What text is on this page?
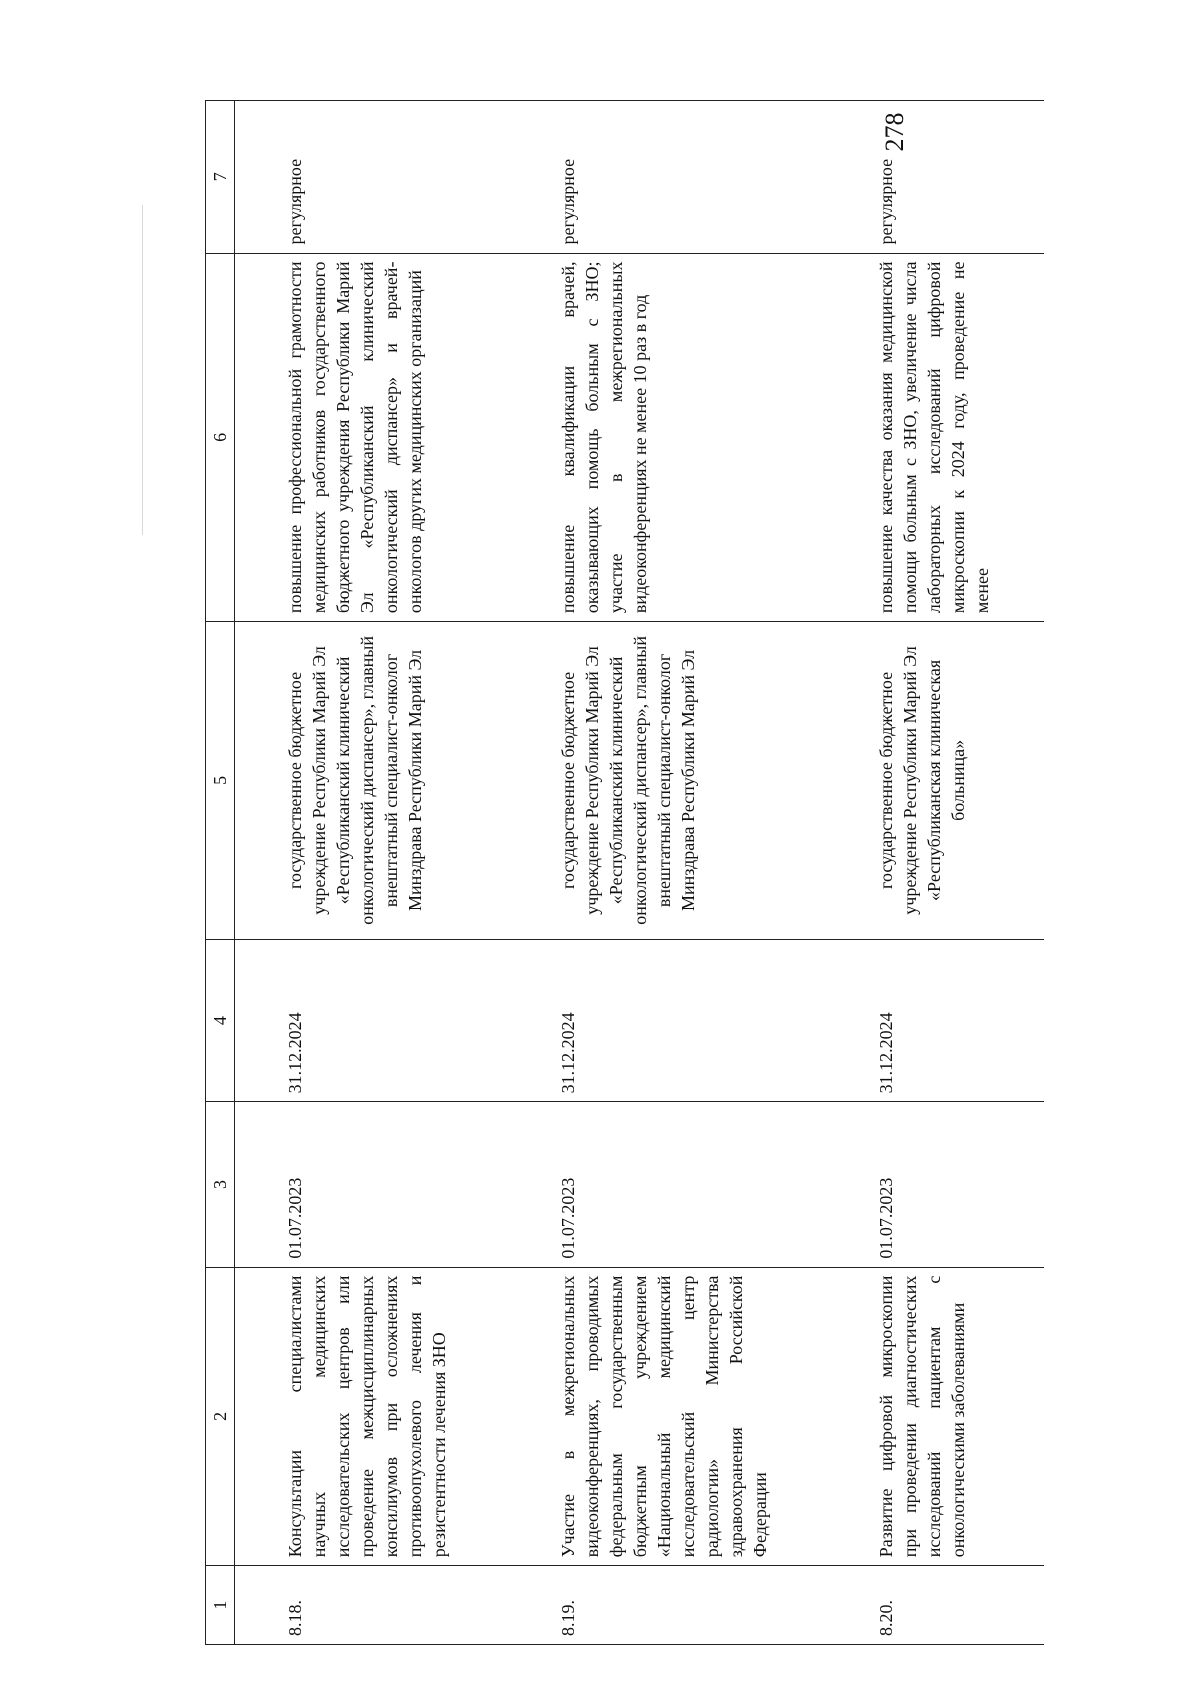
278
1	2	3	4	5	6	7
8.18.	Консультации специалистами научных медицинских исследовательских центров или проведение межцисциплинарных консилиумов при осложнениях противоопухолевого лечения и резистентности лечения ЗНО	01.07.2023	31.12.2024	государственное бюджетное учреждение Республики Марий Эл «Республиканский клинический онкологический диспансер», главный внештатный специалист-онколог Минздрава Республики Марий Эл	повышение профессиональной грамотности медицинских работников государственного бюджетного учреждения Республики Марий Эл «Республиканский клинический онкологический диспансер» и врачей-онкологов других медицинских организаций	регулярное
8.19.	Участие в межрегиональных видеоконференциях, проводимых федеральным государственным бюджетным учреждением «Национальный медицинский исследовательский центр радиологии» Министерства здравоохранения Российской Федерации	01.07.2023	31.12.2024	государственное бюджетное учреждение Республики Марий Эл «Республиканский клинический онкологический диспансер», главный внештатный специалист-онколог Минздрава Республики Марий Эл	повышение квалификации врачей, оказывающих помощь больным с ЗНО; участие в межрегиональных видеоконференциях не менее 10 раз в год	регулярное
8.20.	Развитие цифровой микроскопии при проведении диагностических исследований пациентам с онкологическими заболеваниями	01.07.2023	31.12.2024	государственное бюджетное учреждение Республики Марий Эл «Республиканская клиническая больница»	повышение качества оказания медицинской помощи больным с ЗНО, увеличение числа лабораторных исследований цифровой микроскопии к 2024 году, проведение не менее	регулярное
